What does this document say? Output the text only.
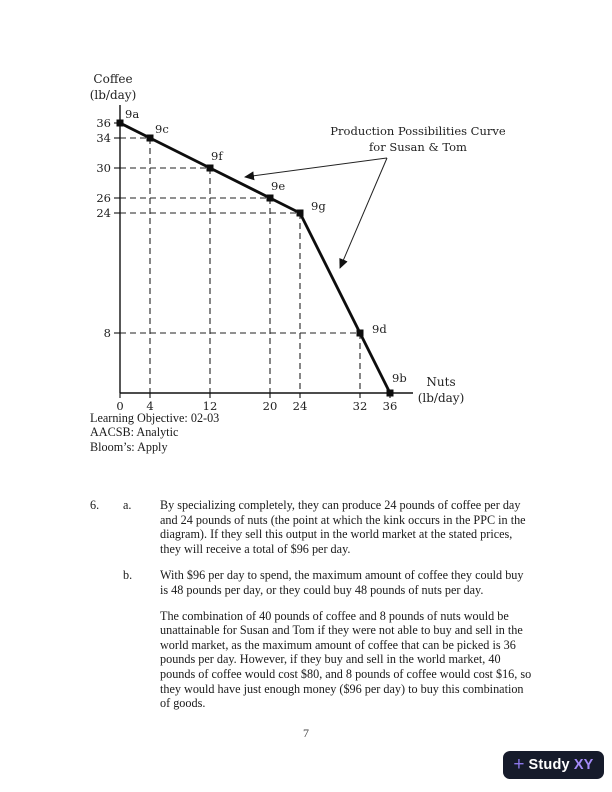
36
34
30
26
24
8
0 4	12	20 24	32 36
9a
9c
9f
9e
9g
9d
9b
Coffee
(lb/day)
Nuts
(lb/day)
Production Possibilities Curve
for Susan & Tom
Learning Objective: 02-03
AACSB: Analytic
Bloom’s: Apply
6.	a.	By specializing completely, they can produce 24 pounds of coffee per day and 24 pounds of nuts (the point at which the kink occurs in the PPC in the diagram). If they sell this output in the world market at the stated prices, they will receive a total of $96 per day.

b.	With $96 per day to spend, the maximum amount of coffee they could buy is 48 pounds per day, or they could buy 48 pounds of nuts per day.

The combination of 40 pounds of coffee and 8 pounds of nuts would be unattainable for Susan and Tom if they were not able to buy and sell in the world market, as the maximum amount of coffee that can be picked is 36 pounds per day. However, if they buy and sell in the world market, 40 pounds of coffee would cost $80, and 8 pounds of coffee would cost $16, so they would have just enough money ($96 per day) to buy this combination of goods.

7
+ Study XY
